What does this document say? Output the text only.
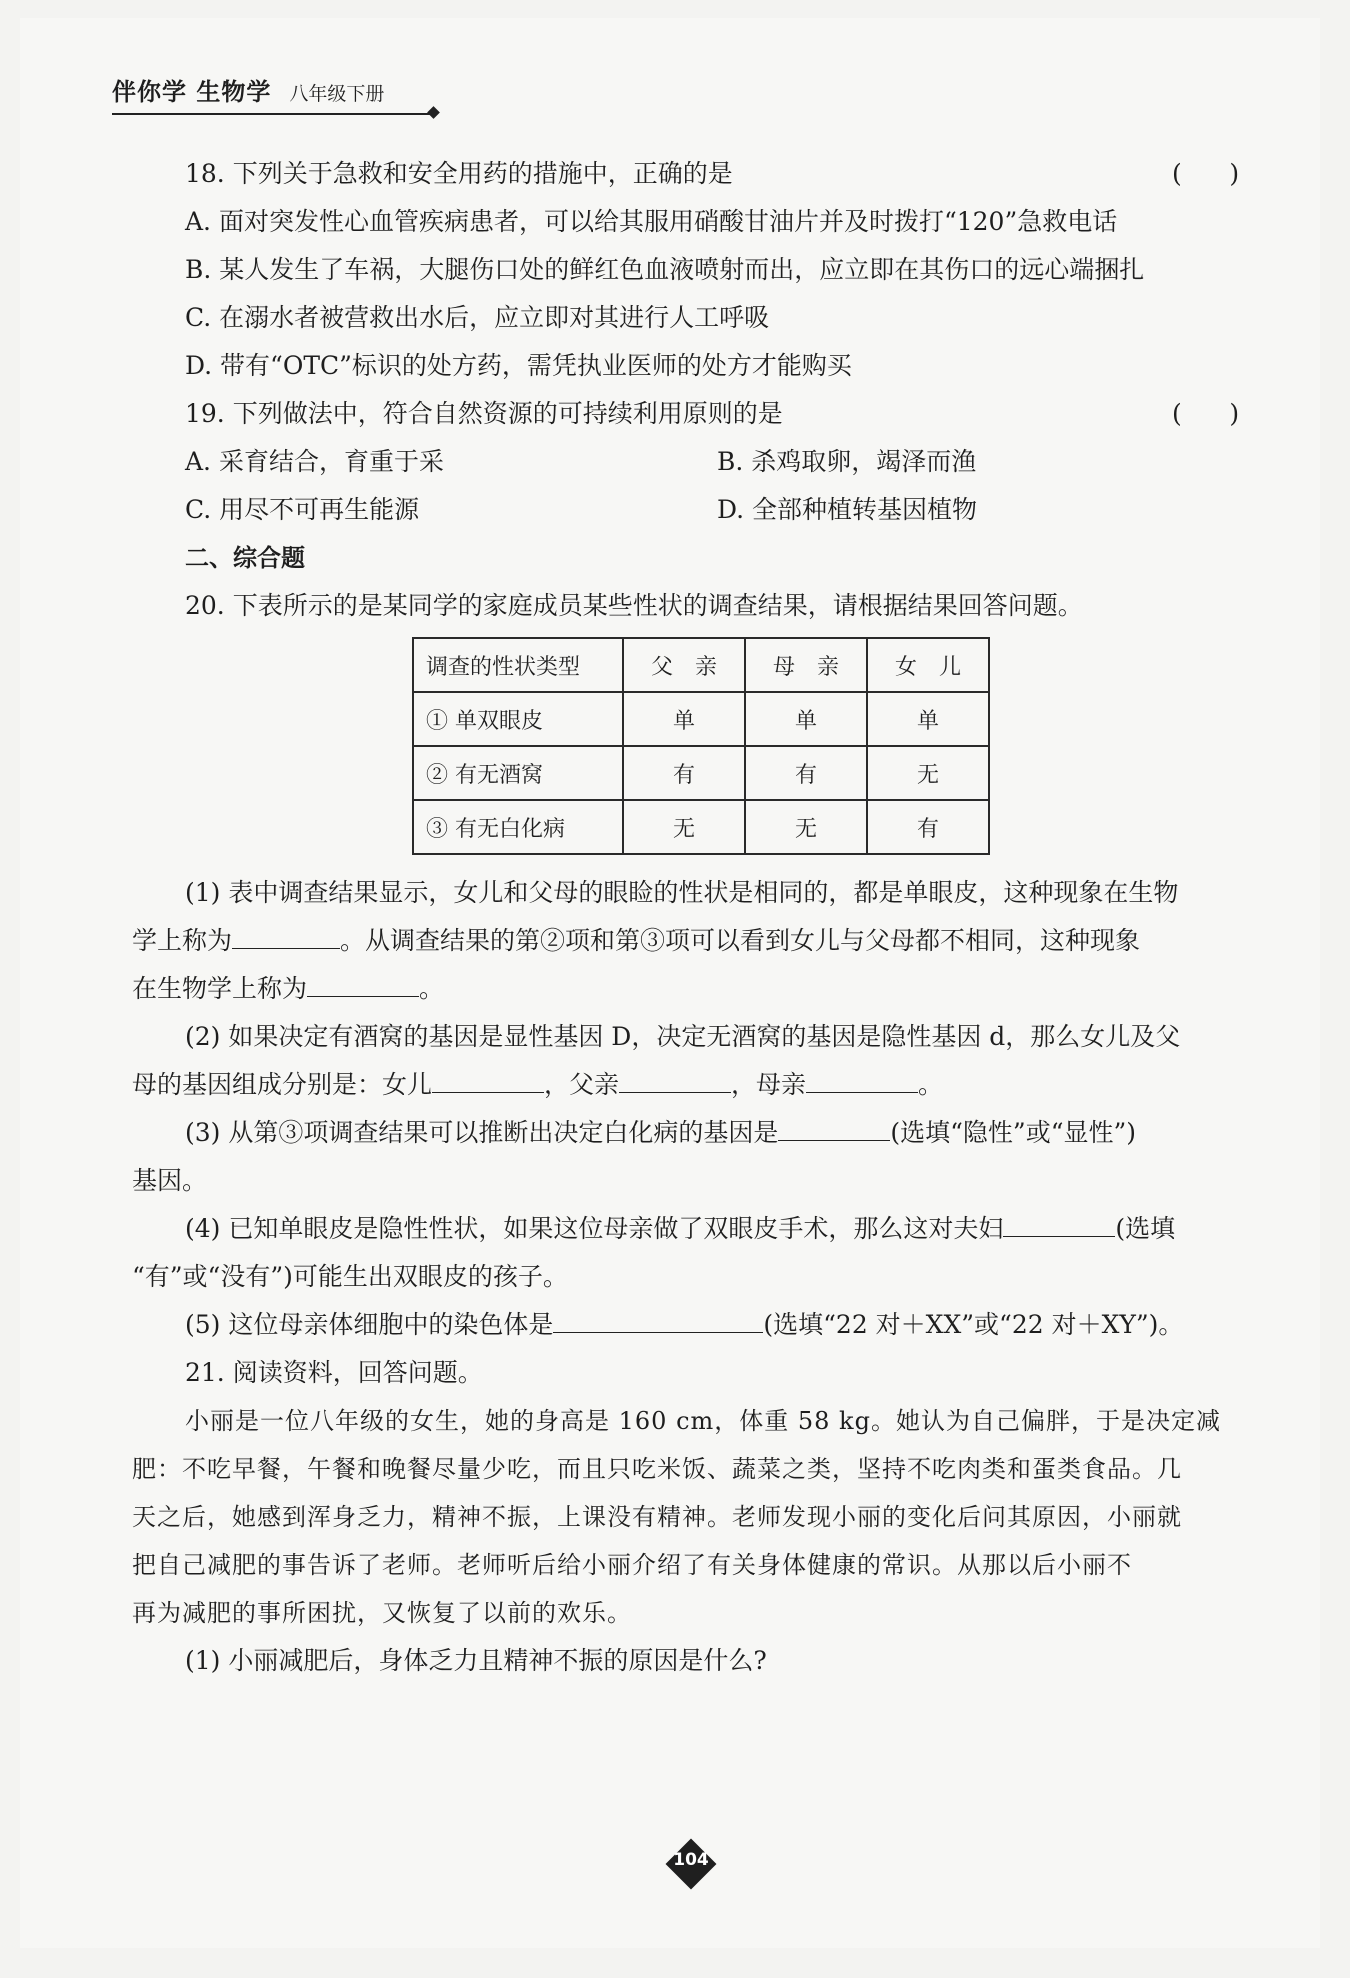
伴你学 生物学 八年级下册
18. 下列关于急救和安全用药的措施中，正确的是	(      )
A. 面对突发性心血管疾病患者，可以给其服用硝酸甘油片并及时拨打“120”急救电话
B. 某人发生了车祸，大腿伤口处的鲜红色血液喷射而出，应立即在其伤口的远心端捆扎
C. 在溺水者被营救出水后，应立即对其进行人工呼吸
D. 带有“OTC”标识的处方药，需凭执业医师的处方才能购买
19. 下列做法中，符合自然资源的可持续利用原则的是	(      )
A. 采育结合，育重于采	B. 杀鸡取卵，竭泽而渔
C. 用尽不可再生能源	D. 全部种植转基因植物
二、综合题
20. 下表所示的是某同学的家庭成员某些性状的调查结果，请根据结果回答问题。
调查的性状类型	父　亲	母　亲	女　儿
① 单双眼皮	单	单	单
② 有无酒窝	有	有	无
③ 有无白化病	无	无	有
(1) 表中调查结果显示，女儿和父母的眼睑的性状是相同的，都是单眼皮，这种现象在生物
学上称为	。从调查结果的第②项和第③项可以看到女儿与父母都不相同，这种现象
在生物学上称为	。
(2) 如果决定有酒窝的基因是显性基因 D，决定无酒窝的基因是隐性基因 d，那么女儿及父
母的基因组成分别是：女儿	，父亲	，母亲	。
(3) 从第③项调查结果可以推断出决定白化病的基因是	(选填“隐性”或“显性”)
基因。
(4) 已知单眼皮是隐性性状，如果这位母亲做了双眼皮手术，那么这对夫妇	(选填
“有”或“没有”)可能生出双眼皮的孩子。
(5) 这位母亲体细胞中的染色体是	(选填“22 对＋XX”或“22 对＋XY”)。
21. 阅读资料，回答问题。
小丽是一位八年级的女生，她的身高是 160 cm，体重 58 kg。她认为自己偏胖，于是决定减
肥：不吃早餐，午餐和晚餐尽量少吃，而且只吃米饭、蔬菜之类，坚持不吃肉类和蛋类食品。几
天之后，她感到浑身乏力，精神不振，上课没有精神。老师发现小丽的变化后问其原因，小丽就
把自己减肥的事告诉了老师。老师听后给小丽介绍了有关身体健康的常识。从那以后小丽不
再为减肥的事所困扰，又恢复了以前的欢乐。
(1) 小丽减肥后，身体乏力且精神不振的原因是什么?
104
